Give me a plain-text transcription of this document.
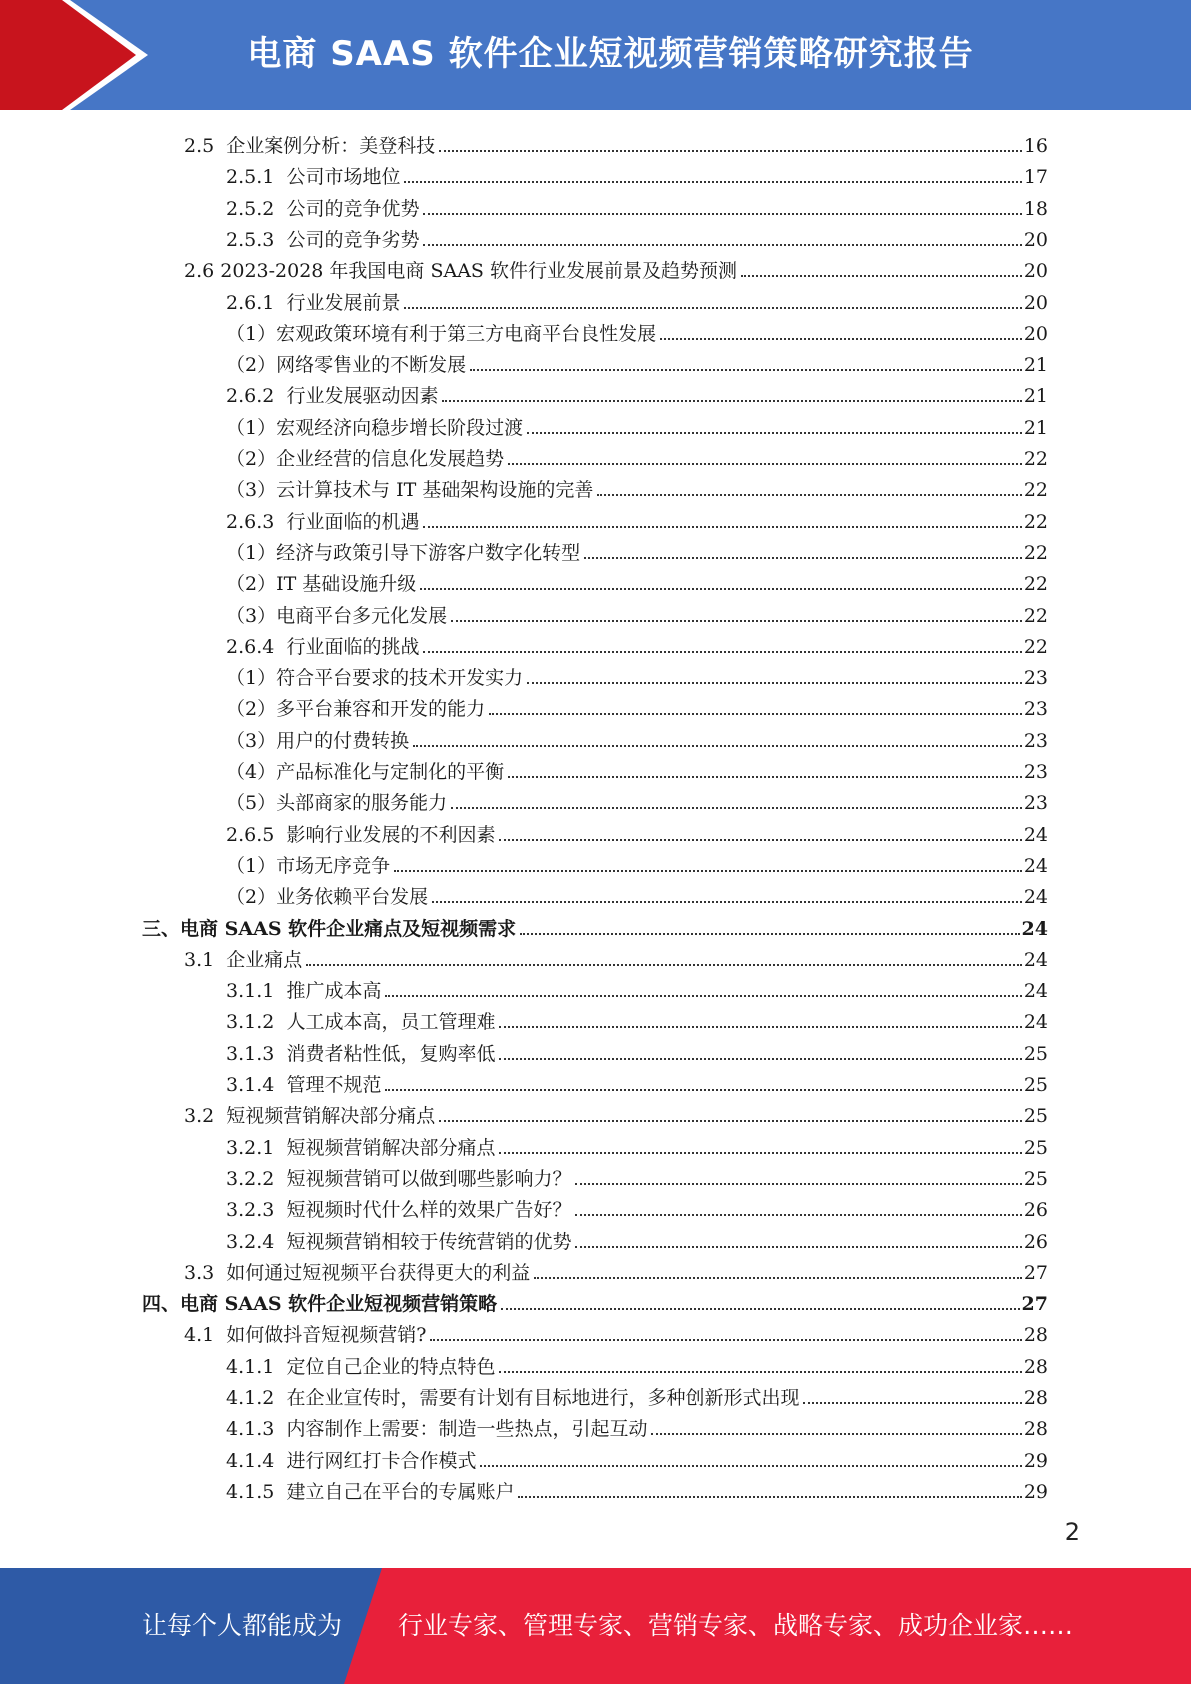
电商 SAAS 软件企业短视频营销策略研究报告
2.5 企业案例分析：美登科技	16
2.5.1 公司市场地位	17
2.5.2 公司的竞争优势	18
2.5.3 公司的竞争劣势	20
2.6 2023-2028 年我国电商 SAAS 软件行业发展前景及趋势预测	20
2.6.1 行业发展前景	20
（1） 宏观政策环境有利于第三方电商平台良性发展	20
（2） 网络零售业的不断发展	21
2.6.2 行业发展驱动因素	21
（1） 宏观经济向稳步增长阶段过渡	21
（2） 企业经营的信息化发展趋势	22
（3） 云计算技术与 IT 基础架构设施的完善	22
2.6.3 行业面临的机遇	22
（1） 经济与政策引导下游客户数字化转型	22
（2） IT 基础设施升级	22
（3） 电商平台多元化发展	22
2.6.4 行业面临的挑战	22
（1） 符合平台要求的技术开发实力	23
（2） 多平台兼容和开发的能力	23
（3） 用户的付费转换	23
（4） 产品标准化与定制化的平衡	23
（5） 头部商家的服务能力	23
2.6.5 影响行业发展的不利因素	24
（1） 市场无序竞争	24
（2） 业务依赖平台发展	24
三、 电商 SAAS 软件企业痛点及短视频需求	24
3.1 企业痛点	24
3.1.1 推广成本高	24
3.1.2 人工成本高，员工管理难	24
3.1.3 消费者粘性低，复购率低	25
3.1.4 管理不规范	25
3.2 短视频营销解决部分痛点	25
3.2.1 短视频营销解决部分痛点	25
3.2.2 短视频营销可以做到哪些影响力？	25
3.2.3 短视频时代什么样的效果广告好？	26
3.2.4 短视频营销相较于传统营销的优势	26
3.3 如何通过短视频平台获得更大的利益	27
四、 电商 SAAS 软件企业短视频营销策略	27
4.1 如何做抖音短视频营销?	28
4.1.1 定位自己企业的特点特色	28
4.1.2 在企业宣传时，需要有计划有目标地进行，多种创新形式出现	28
4.1.3 内容制作上需要：制造一些热点，引起互动	28
4.1.4 进行网红打卡合作模式	29
4.1.5 建立自己在平台的专属账户	29
2
让每个人都能成为 行业专家、管理专家、营销专家、战略专家、成功企业家……
